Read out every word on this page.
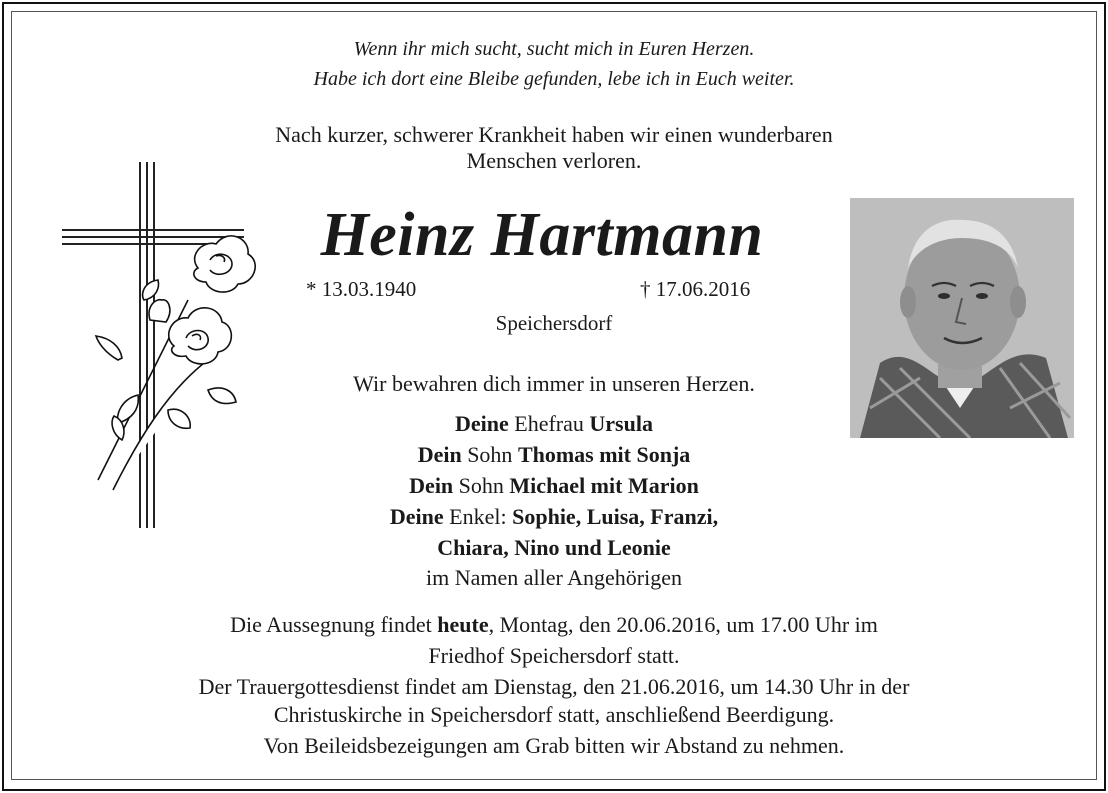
Wenn ihr mich sucht, sucht mich in Euren Herzen.
Habe ich dort eine Bleibe gefunden, lebe ich in Euch weiter.
Nach kurzer, schwerer Krankheit haben wir einen wunderbaren
Menschen verloren.
Heinz Hartmann
* 13.03.1940	† 17.06.2016
Speichersdorf
Wir bewahren dich immer in unseren Herzen.
Deine Ehefrau Ursula
Dein Sohn Thomas mit Sonja
Dein Sohn Michael mit Marion
Deine Enkel: Sophie, Luisa, Franzi,
Chiara, Nino und Leonie
im Namen aller Angehörigen
Die Aussegnung findet heute, Montag, den 20.06.2016, um 17.00 Uhr im
Friedhof Speichersdorf statt.
Der Trauergottesdienst findet am Dienstag, den 21.06.2016, um 14.30 Uhr in der
Christuskirche in Speichersdorf statt, anschließend Beerdigung.
Von Beileidsbezeigungen am Grab bitten wir Abstand zu nehmen.
